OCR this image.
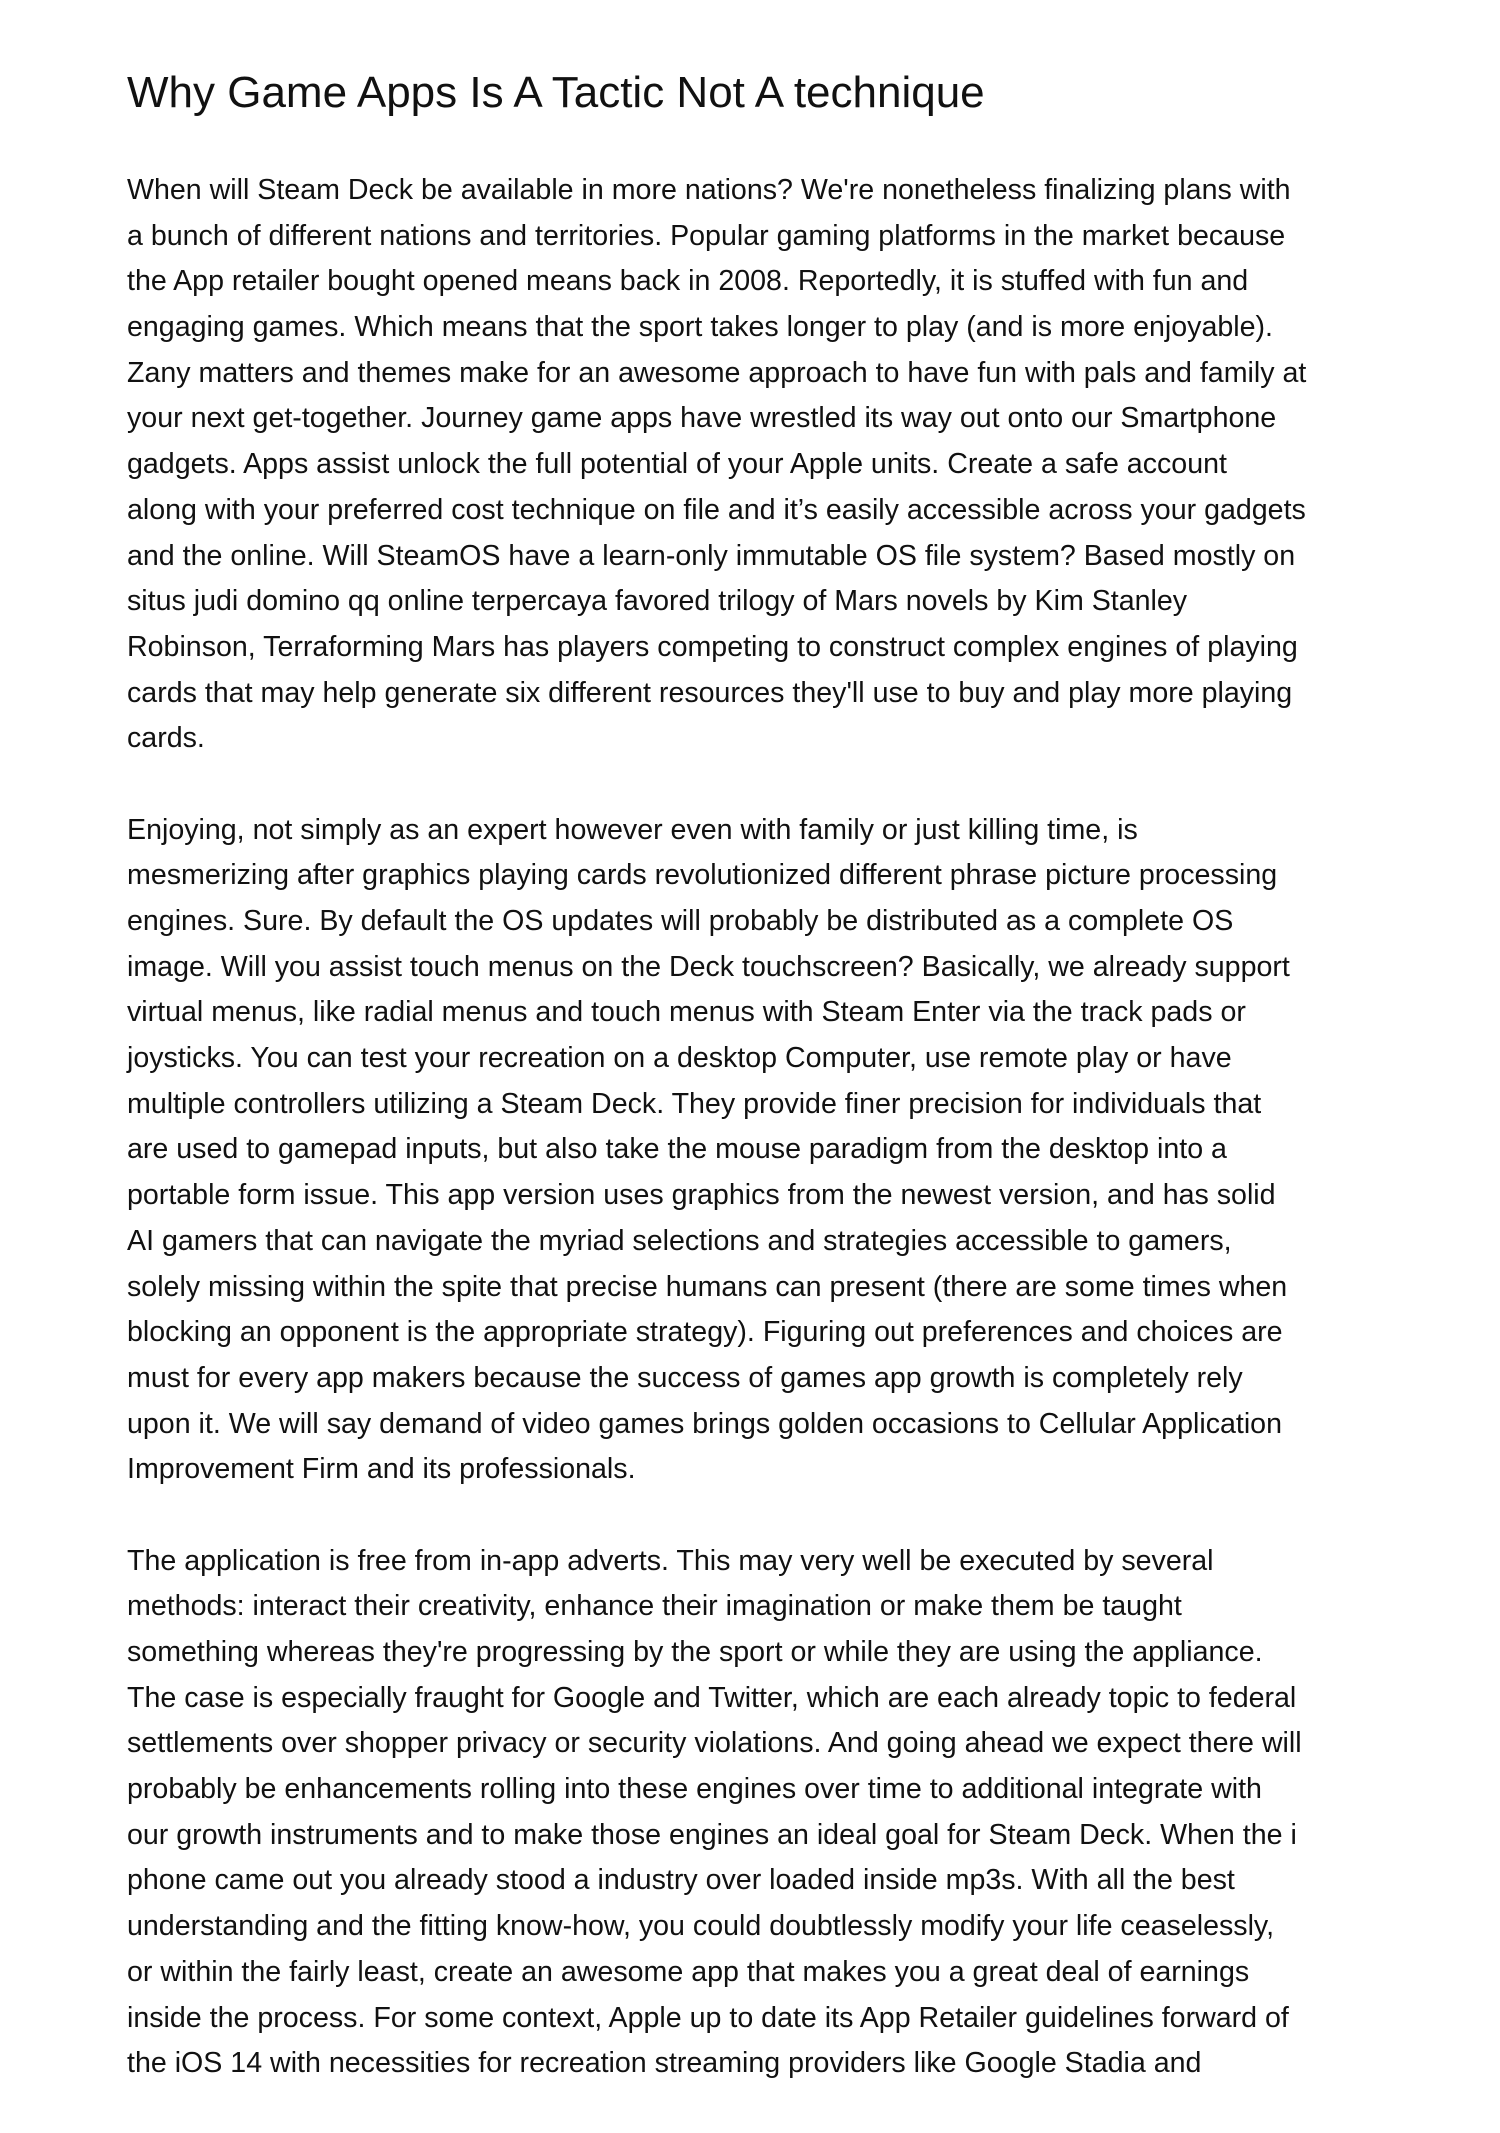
Why Game Apps Is A Tactic Not A technique

When will Steam Deck be available in more nations? We're nonetheless finalizing plans with
a bunch of different nations and territories. Popular gaming platforms in the market because
the App retailer bought opened means back in 2008. Reportedly, it is stuffed with fun and
engaging games. Which means that the sport takes longer to play (and is more enjoyable).
Zany matters and themes make for an awesome approach to have fun with pals and family at
your next get-together. Journey game apps have wrestled its way out onto our Smartphone
gadgets. Apps assist unlock the full potential of your Apple units. Create a safe account
along with your preferred cost technique on file and it’s easily accessible across your gadgets
and the online. Will SteamOS have a learn-only immutable OS file system? Based mostly on
situs judi domino qq online terpercaya favored trilogy of Mars novels by Kim Stanley
Robinson, Terraforming Mars has players competing to construct complex engines of playing
cards that may help generate six different resources they'll use to buy and play more playing
cards.

Enjoying, not simply as an expert however even with family or just killing time, is
mesmerizing after graphics playing cards revolutionized different phrase picture processing
engines. Sure. By default the OS updates will probably be distributed as a complete OS
image. Will you assist touch menus on the Deck touchscreen? Basically, we already support
virtual menus, like radial menus and touch menus with Steam Enter via the track pads or
joysticks. You can test your recreation on a desktop Computer, use remote play or have
multiple controllers utilizing a Steam Deck. They provide finer precision for individuals that
are used to gamepad inputs, but also take the mouse paradigm from the desktop into a
portable form issue. This app version uses graphics from the newest version, and has solid
AI gamers that can navigate the myriad selections and strategies accessible to gamers,
solely missing within the spite that precise humans can present (there are some times when
blocking an opponent is the appropriate strategy). Figuring out preferences and choices are
must for every app makers because the success of games app growth is completely rely
upon it. We will say demand of video games brings golden occasions to Cellular Application
Improvement Firm and its professionals.

The application is free from in-app adverts. This may very well be executed by several
methods: interact their creativity, enhance their imagination or make them be taught
something whereas they're progressing by the sport or while they are using the appliance.
The case is especially fraught for Google and Twitter, which are each already topic to federal
settlements over shopper privacy or security violations. And going ahead we expect there will
probably be enhancements rolling into these engines over time to additional integrate with
our growth instruments and to make those engines an ideal goal for Steam Deck. When the i
phone came out you already stood a industry over loaded inside mp3s. With all the best
understanding and the fitting know-how, you could doubtlessly modify your life ceaselessly,
or within the fairly least, create an awesome app that makes you a great deal of earnings
inside the process. For some context, Apple up to date its App Retailer guidelines forward of
the iOS 14 with necessities for recreation streaming providers like Google Stadia and
